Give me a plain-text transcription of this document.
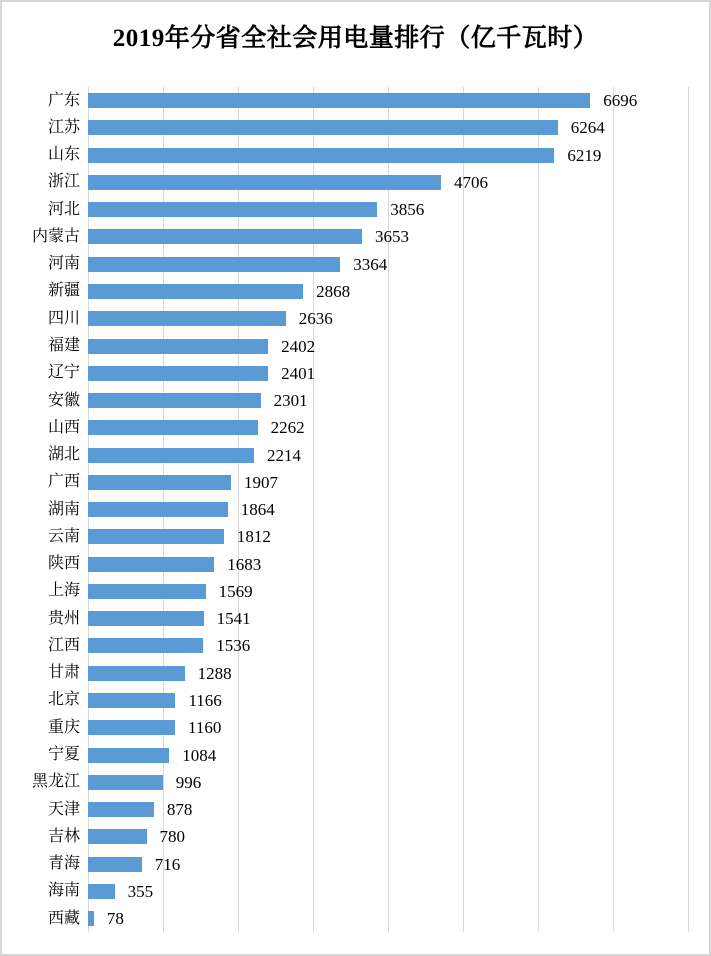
2019年分省全社会用电量排行（亿千瓦时）
广东	6696
江苏	6264
山东	6219
浙江	4706
河北	3856
内蒙古	3653
河南	3364
新疆	2868
四川	2636
福建	2402
辽宁	2401
安徽	2301
山西	2262
湖北	2214
广西	1907
湖南	1864
云南	1812
陕西	1683
上海	1569
贵州	1541
江西	1536
甘肃	1288
北京	1166
重庆	1160
宁夏	1084
黑龙江	996
天津	878
吉林	780
青海	716
海南	355
西藏 78
